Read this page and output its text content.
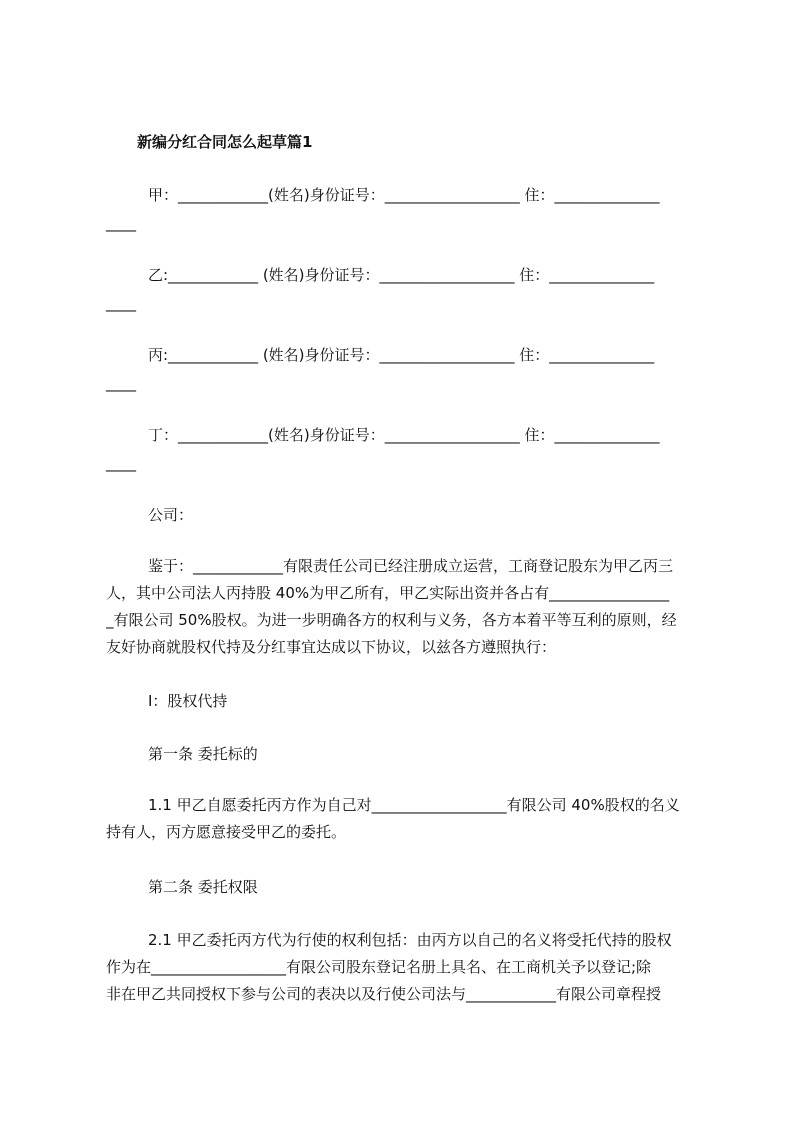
新编分红合同怎么起草篇1
甲：____________(姓名)身份证号：__________________ 住：______________
____
乙:____________ (姓名)身份证号：__________________ 住：______________
____
丙:____________ (姓名)身份证号：__________________ 住：______________
____
丁：____________(姓名)身份证号：__________________ 住：______________
____
公司：
鉴于：____________有限责任公司已经注册成立运营，工商登记股东为甲乙丙三
人，其中公司法人丙持股 40%为甲乙所有，甲乙实际出资并各占有________________
_有限公司 50%股权。为进一步明确各方的权利与义务，各方本着平等互利的原则，经
友好协商就股权代持及分红事宜达成以下协议，以兹各方遵照执行：
Ⅰ：股权代持
第一条 委托标的
1.1 甲乙自愿委托丙方作为自己对__________________有限公司 40%股权的名义
持有人，丙方愿意接受甲乙的委托。
第二条 委托权限
2.1 甲乙委托丙方代为行使的权利包括：由丙方以自己的名义将受托代持的股权
作为在__________________有限公司股东登记名册上具名、在工商机关予以登记;除
非在甲乙共同授权下参与公司的表决以及行使公司法与____________有限公司章程授
